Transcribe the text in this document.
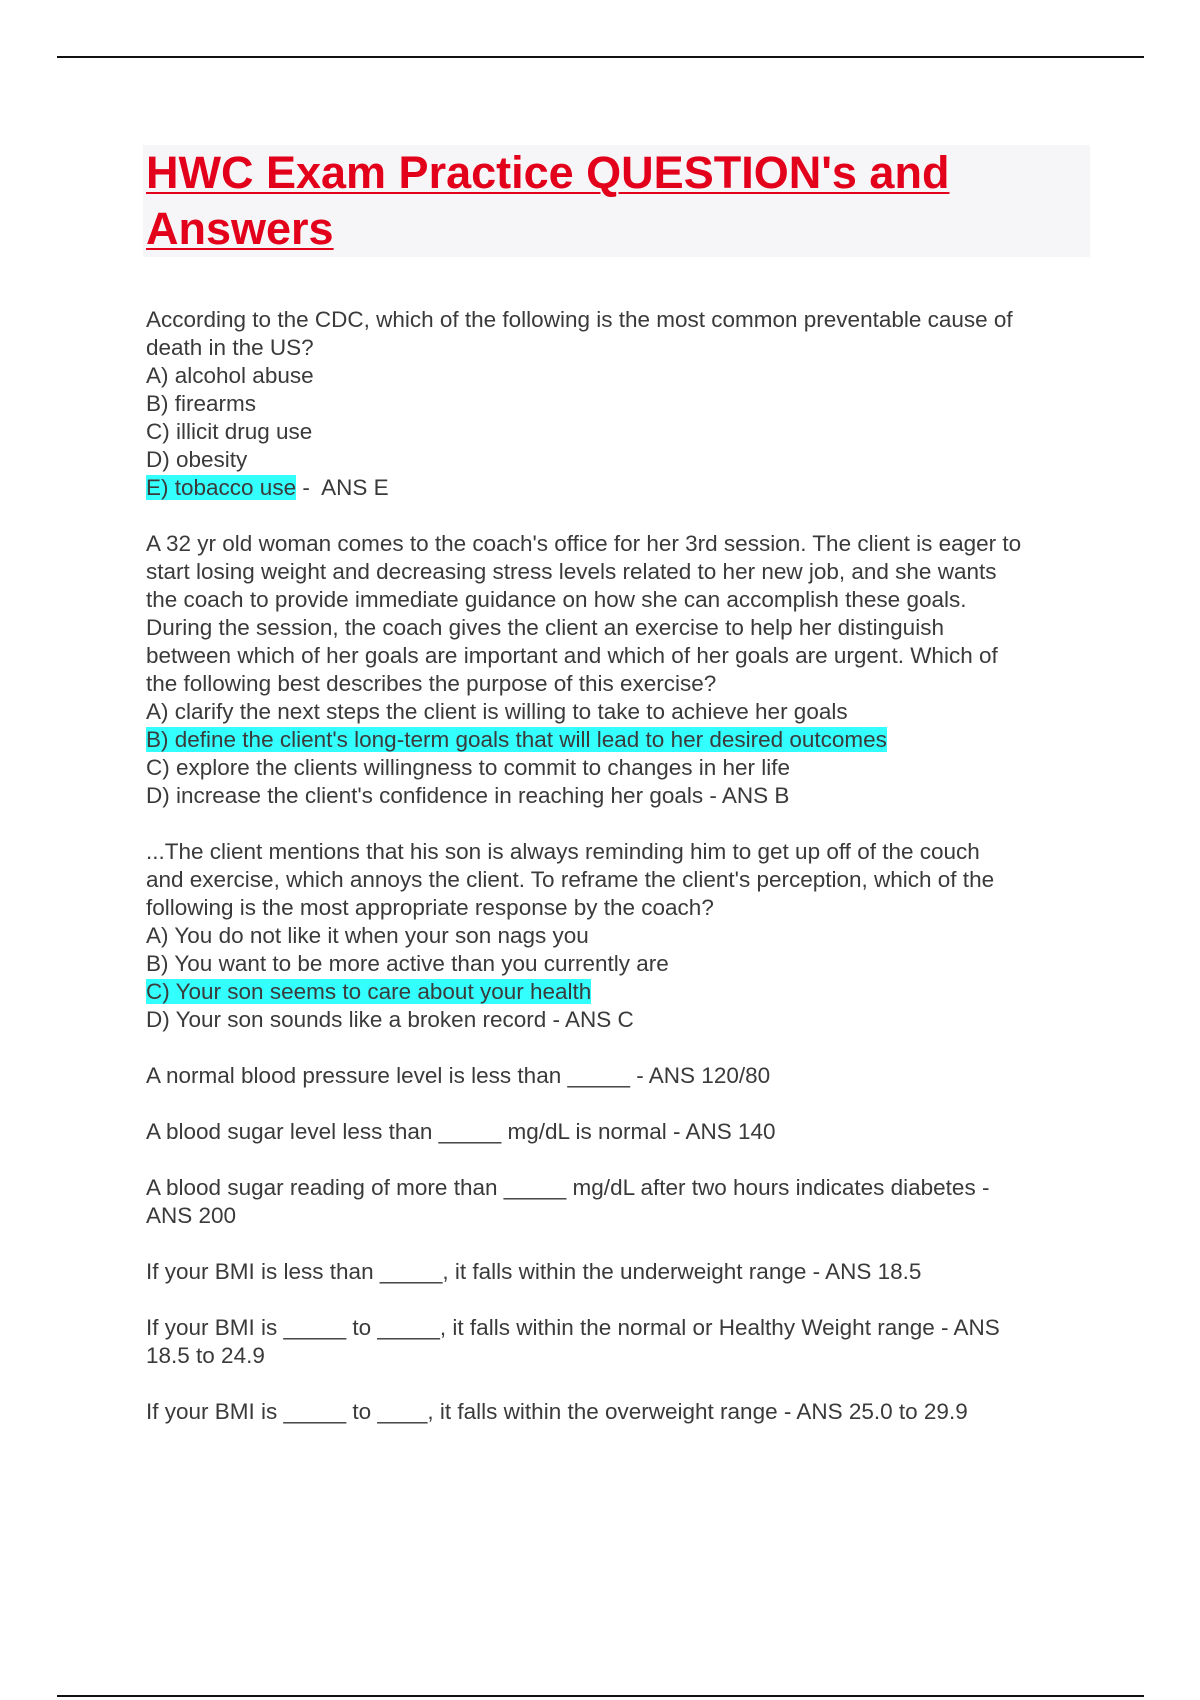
HWC Exam Practice QUESTION's and
Answers
According to the CDC, which of the following is the most common preventable cause of
death in the US?
A) alcohol abuse
B) firearms
C) illicit drug use
D) obesity
E) tobacco use -  ANS E
A 32 yr old woman comes to the coach's office for her 3rd session. The client is eager to
start losing weight and decreasing stress levels related to her new job, and she wants
the coach to provide immediate guidance on how she can accomplish these goals.
During the session, the coach gives the client an exercise to help her distinguish
between which of her goals are important and which of her goals are urgent. Which of
the following best describes the purpose of this exercise?
A) clarify the next steps the client is willing to take to achieve her goals
B) define the client's long-term goals that will lead to her desired outcomes
C) explore the clients willingness to commit to changes in her life
D) increase the client's confidence in reaching her goals - ANS B
...The client mentions that his son is always reminding him to get up off of the couch
and exercise, which annoys the client. To reframe the client's perception, which of the
following is the most appropriate response by the coach?
A) You do not like it when your son nags you
B) You want to be more active than you currently are
C) Your son seems to care about your health
D) Your son sounds like a broken record - ANS C
A normal blood pressure level is less than _____ - ANS 120/80
A blood sugar level less than _____ mg/dL is normal - ANS 140
A blood sugar reading of more than _____ mg/dL after two hours indicates diabetes -
ANS 200
If your BMI is less than _____, it falls within the underweight range - ANS 18.5
If your BMI is _____ to _____, it falls within the normal or Healthy Weight range - ANS
18.5 to 24.9
If your BMI is _____ to ____, it falls within the overweight range - ANS 25.0 to 29.9
